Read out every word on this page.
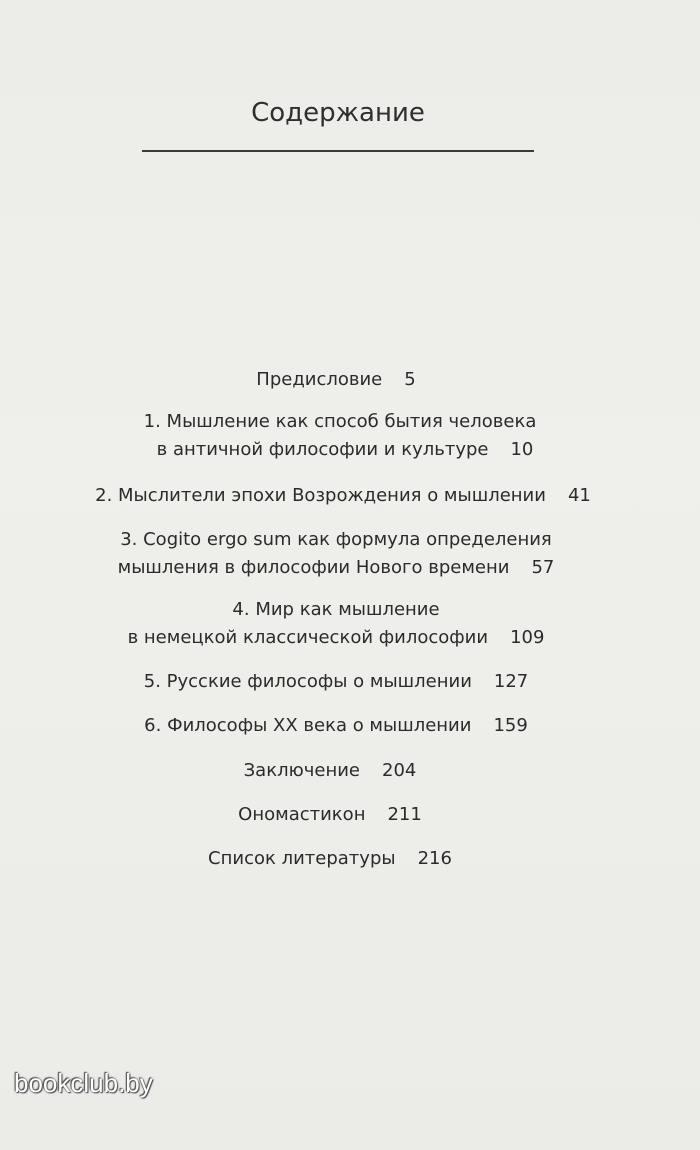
Содержание
Предисловие 5
1. Мышление как способ бытия человека
в античной философии и культуре 10
2. Мыслители эпохи Возрождения о мышлении 41
3. Cogito ergo sum как формула определения
мышления в философии Нового времени 57
4. Мир как мышление
в немецкой классической философии 109
5. Русские философы о мышлении 127
6. Философы XX века о мышлении 159
Заключение 204
Ономастикон 211
Список литературы 216
bookclub.by
